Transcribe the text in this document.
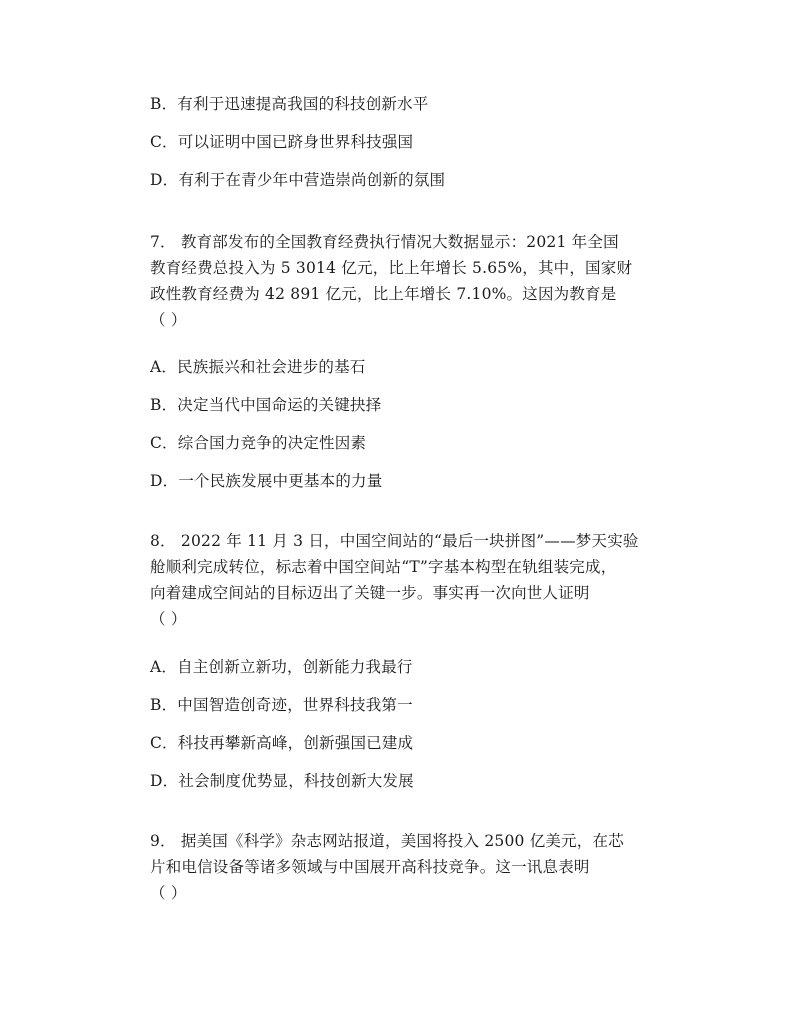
B．有利于迅速提高我国的科技创新水平
C．可以证明中国已跻身世界科技强国
D．有利于在青少年中营造崇尚创新的氛围
7． 教育部发布的全国教育经费执行情况大数据显示：2021 年全国
教育经费总投入为 5 3014 亿元，比上年增长 5.65%，其中，国家财
政性教育经费为 42 891 亿元，比上年增长 7.10%。这因为教育是
（ ）
A．民族振兴和社会进步的基石
B．决定当代中国命运的关键抉择
C．综合国力竞争的决定性因素
D．一个民族发展中更基本的力量
8． 2022 年 11 月 3 日，中国空间站的“最后一块拼图”——梦天实验
舱顺利完成转位，标志着中国空间站“T”字基本构型在轨组装完成，
向着建成空间站的目标迈出了关键一步。事实再一次向世人证明
（ ）
A．自主创新立新功，创新能力我最行
B．中国智造创奇迹，世界科技我第一
C．科技再攀新高峰，创新强国已建成
D．社会制度优势显，科技创新大发展
9． 据美国《科学》杂志网站报道，美国将投入 2500 亿美元，在芯
片和电信设备等诸多领域与中国展开高科技竞争。这一讯息表明
（ ）
